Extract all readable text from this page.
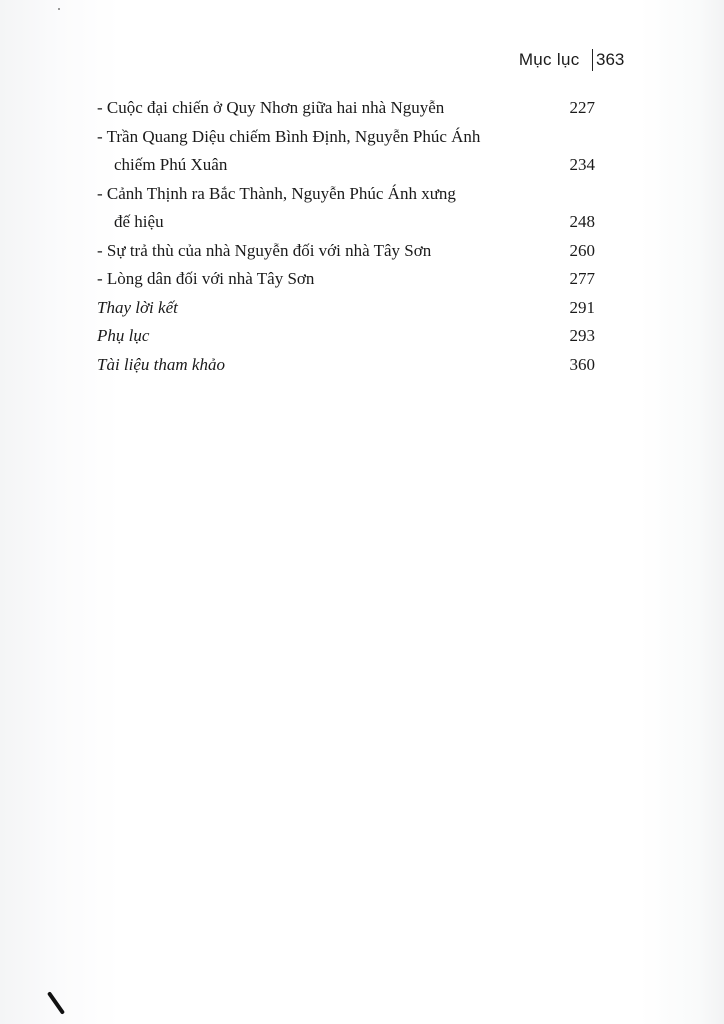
Mục lục 363
- Cuộc đại chiến ở Quy Nhơn giữa hai nhà Nguyễn	227
- Trần Quang Diệu chiếm Bình Định, Nguyễn Phúc Ánh
chiếm Phú Xuân	234
- Cảnh Thịnh ra Bắc Thành, Nguyễn Phúc Ánh xưng
đế hiệu	248
- Sự trả thù của nhà Nguyễn đối với nhà Tây Sơn	260
- Lòng dân đối với nhà Tây Sơn	277
Thay lời kết	291
Phụ lục	293
Tài liệu tham khảo	360
